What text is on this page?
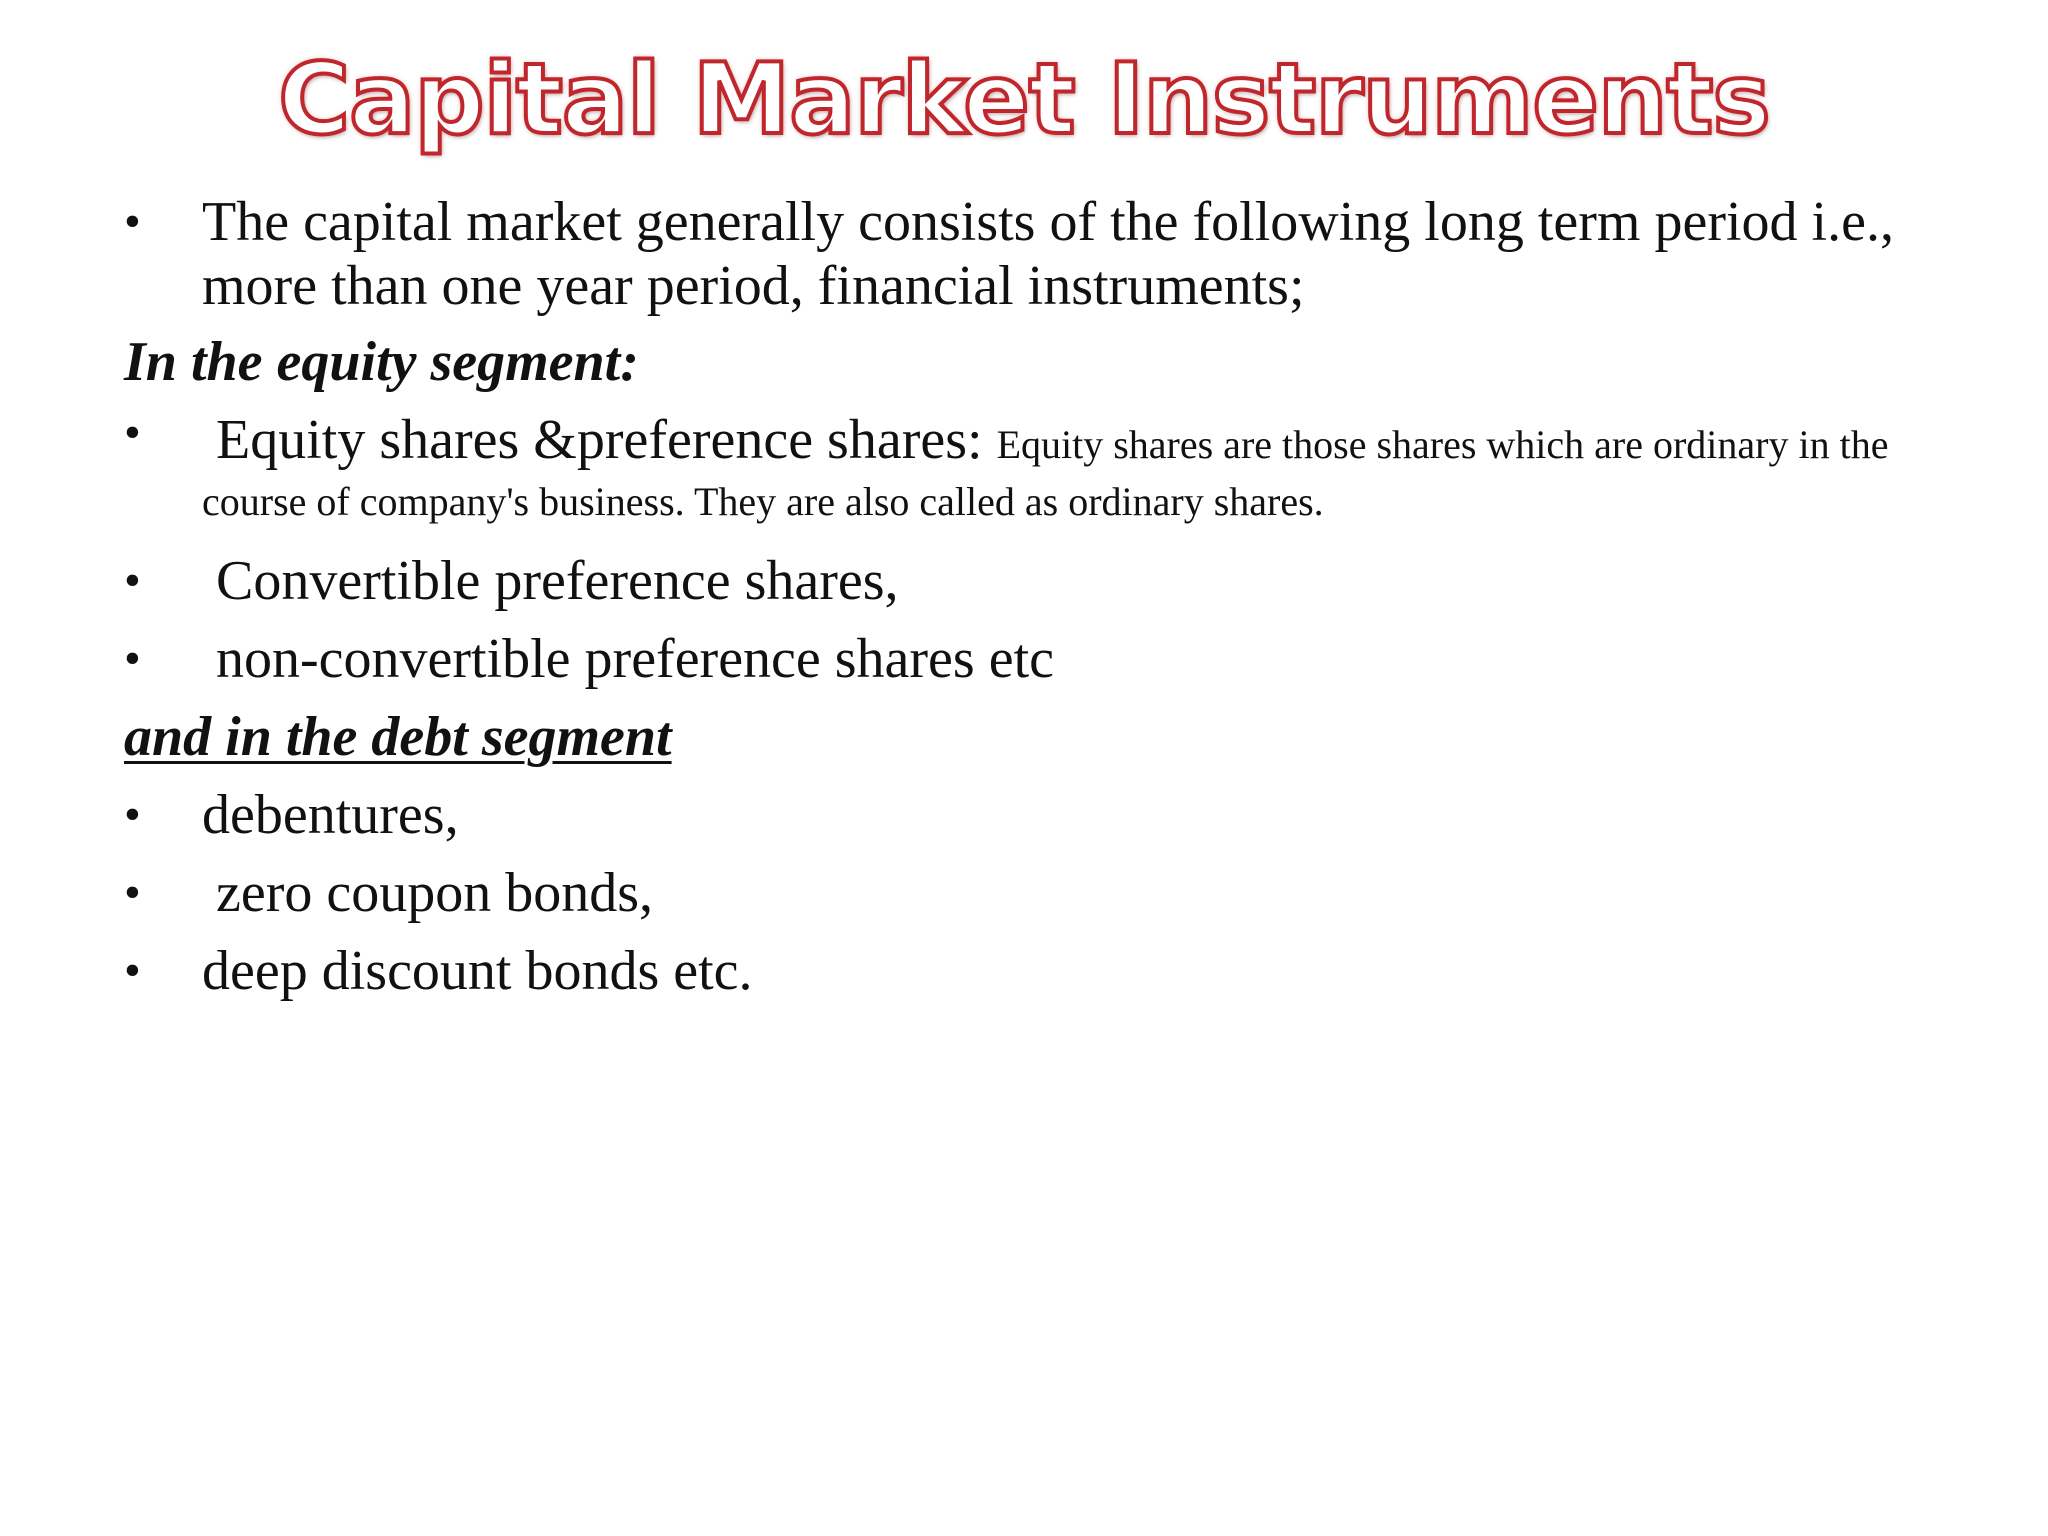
Capital Market Instruments
•	The capital market generally consists of the following long term period i.e., more than one year period, financial instruments;

In the equity segment:

•	Equity shares &preference shares: Equity shares are those shares which are ordinary in the course of company's business. They are also called as ordinary shares.
•	Convertible preference shares,
•	non-convertible preference shares etc

and in the debt segment

•	debentures,
•	zero coupon bonds,
•	deep discount bonds etc.
